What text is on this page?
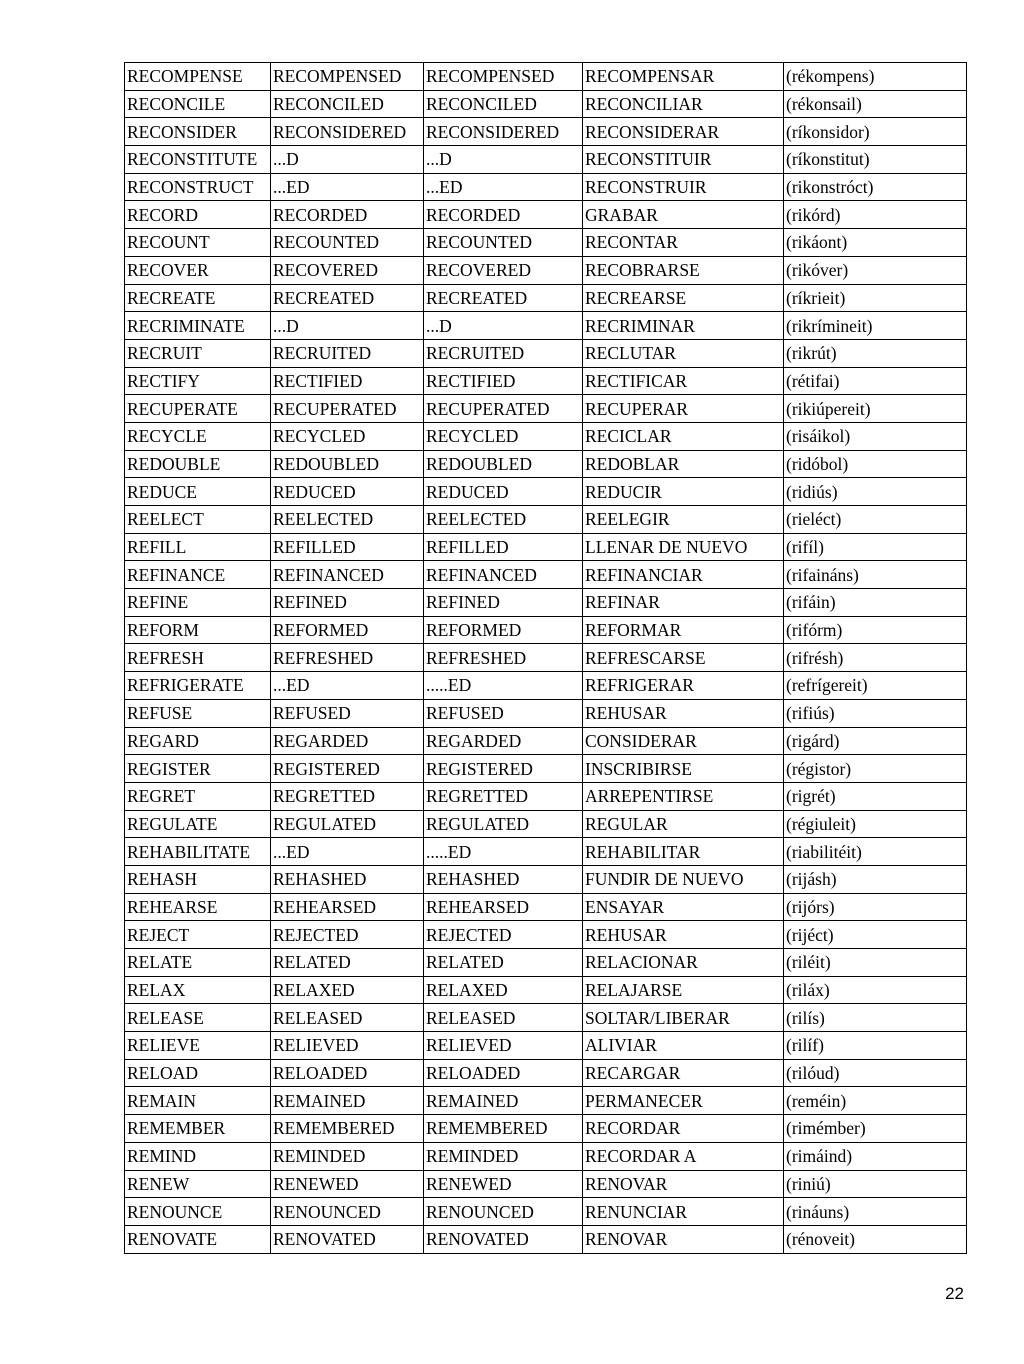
RECOMPENSE	RECOMPENSED	RECOMPENSED	RECOMPENSAR	(rékompens)
RECONCILE	RECONCILED	RECONCILED	RECONCILIAR	(rékonsail)
RECONSIDER	RECONSIDERED	RECONSIDERED	RECONSIDERAR	(ríkonsidor)
RECONSTITUTE	...D	...D	RECONSTITUIR	(ríkonstitut)
RECONSTRUCT	...ED	...ED	RECONSTRUIR	(rikonstróct)
RECORD	RECORDED	RECORDED	GRABAR	(rikórd)
RECOUNT	RECOUNTED	RECOUNTED	RECONTAR	(rikáont)
RECOVER	RECOVERED	RECOVERED	RECOBRARSE	(rikóver)
RECREATE	RECREATED	RECREATED	RECREARSE	(ríkrieit)
RECRIMINATE	...D	...D	RECRIMINAR	(rikrímineit)
RECRUIT	RECRUITED	RECRUITED	RECLUTAR	(rikrút)
RECTIFY	RECTIFIED	RECTIFIED	RECTIFICAR	(rétifai)
RECUPERATE	RECUPERATED	RECUPERATED	RECUPERAR	(rikiúpereit)
RECYCLE	RECYCLED	RECYCLED	RECICLAR	(risáikol)
REDOUBLE	REDOUBLED	REDOUBLED	REDOBLAR	(ridóbol)
REDUCE	REDUCED	REDUCED	REDUCIR	(ridiús)
REELECT	REELECTED	REELECTED	REELEGIR	(rieléct)
REFILL	REFILLED	REFILLED	LLENAR DE NUEVO	(rifíl)
REFINANCE	REFINANCED	REFINANCED	REFINANCIAR	(rifainánѕ)
REFINE	REFINED	REFINED	REFINAR	(rifáin)
REFORM	REFORMED	REFORMED	REFORMAR	(rifórm)
REFRESH	REFRESHED	REFRESHED	REFRESCARSE	(rifrésh)
REFRIGERATE	...ED	.....ED	REFRIGERAR	(refrígereit)
REFUSE	REFUSED	REFUSED	REHUSAR	(rifiús)
REGARD	REGARDED	REGARDED	CONSIDERAR	(rigárd)
REGISTER	REGISTERED	REGISTERED	INSCRIBIRSE	(régistor)
REGRET	REGRETTED	REGRETTED	ARREPENTIRSE	(rigrét)
REGULATE	REGULATED	REGULATED	REGULAR	(régiuleit)
REHABILITATE	...ED	.....ED	REHABILITAR	(riabilitéit)
REHASH	REHASHED	REHASHED	FUNDIR DE NUEVO	(rijásh)
REHEARSE	REHEARSED	REHEARSED	ENSAYAR	(rijórs)
REJECT	REJECTED	REJECTED	REHUSAR	(rijéct)
RELATE	RELATED	RELATED	RELACIONAR	(riléit)
RELAX	RELAXED	RELAXED	RELAJARSE	(riláx)
RELEASE	RELEASED	RELEASED	SOLTAR/LIBERAR	(rilís)
RELIEVE	RELIEVED	RELIEVED	ALIVIAR	(rilíf)
RELOAD	RELOADED	RELOADED	RECARGAR	(rilóud)
REMAIN	REMAINED	REMAINED	PERMANECER	(reméin)
REMEMBER	REMEMBERED	REMEMBERED	RECORDAR	(rimémber)
REMIND	REMINDED	REMINDED	RECORDAR A	(rimáind)
RENEW	RENEWED	RENEWED	RENOVAR	(riniú)
RENOUNCE	RENOUNCED	RENOUNCED	RENUNCIAR	(rináuns)
RENOVATE	RENOVATED	RENOVATED	RENOVAR	(rénoveit)
22
